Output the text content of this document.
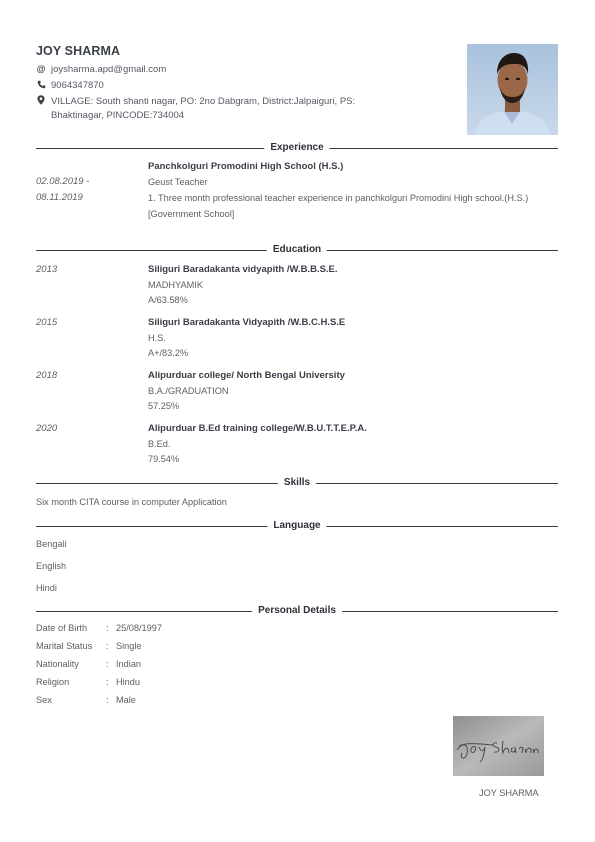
JOY SHARMA
@ joysharma.apd@gmail.com
9064347870
VILLAGE: South shanti nagar, PO: 2no Dabgram, District:Jalpaiguri, PS: Bhaktinagar, PINCODE:734004
Experience
02.08.2019 -
08.11.2019
Panchkolguri Promodini High School (H.S.)
Geust Teacher
1. Three month professional teacher experience in panchkolguri Promodini High school.(H.S.) [Government School]
Education
2013	Siliguri Baradakanta vidyapith /W.B.B.S.E.
MADHYAMIK
A/63.58%
2015	Siliguri Baradakanta Vidyapith /W.B.C.H.S.E
H.S.
A+/83.2%
2018	Alipurduar college/ North Bengal University
B.A./GRADUATION
57.25%
2020	Alipurduar B.Ed training college/W.B.U.T.T.E.P.A.
B.Ed.
79.54%
Skills
Six month CITA course in computer Application
Language
Bengali
English
Hindi
Personal Details
Date of Birth : 25/08/1997
Marital Status : Single
Nationality	: Indian
Religion	: Hindu
Sex	: Male
JOY SHARMA
